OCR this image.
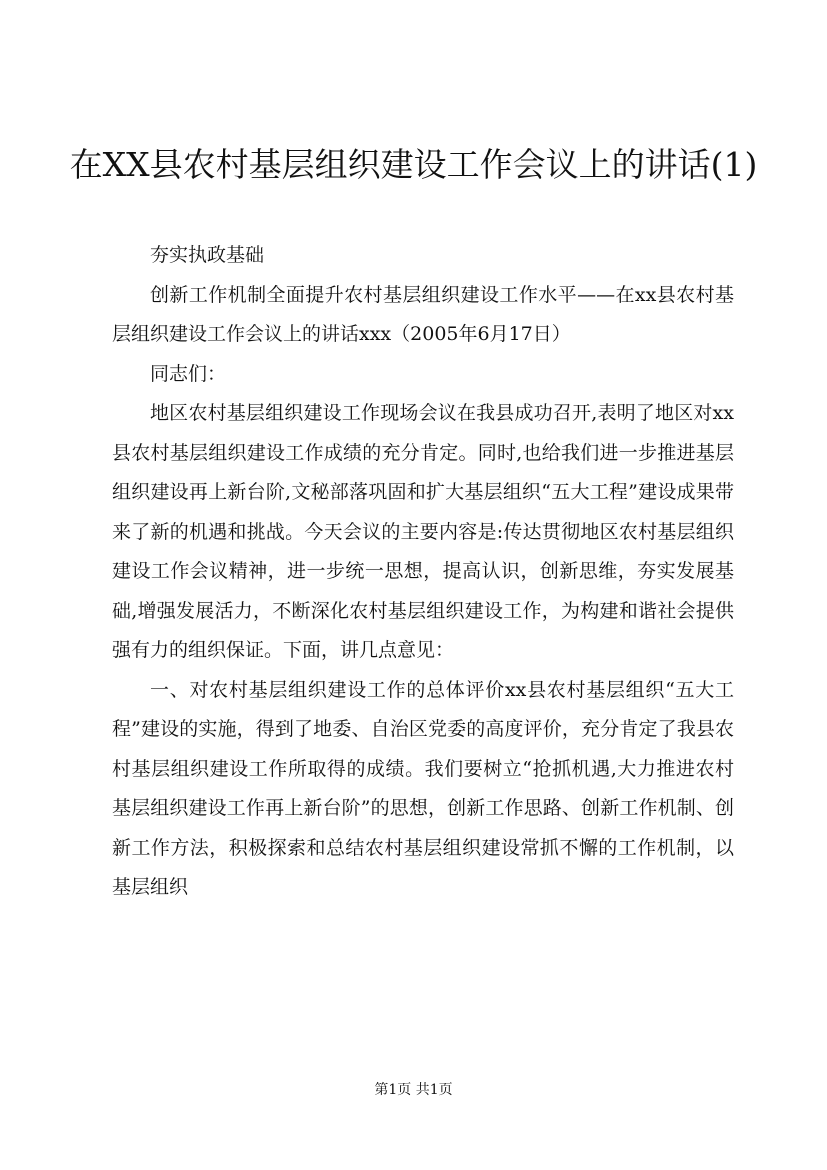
在XX县农村基层组织建设工作会议上的讲话(1)

夯实执政基础

创新工作机制全面提升农村基层组织建设工作水平——在xx县农村基层组织建设工作会议上的讲话xxx（2005年6月17日）

同志们：

地区农村基层组织建设工作现场会议在我县成功召开,表明了地区对xx县农村基层组织建设工作成绩的充分肯定。同时,也给我们进一步推进基层组织建设再上新台阶,文秘部落巩固和扩大基层组织“五大工程”建设成果带来了新的机遇和挑战。今天会议的主要内容是:传达贯彻地区农村基层组织建设工作会议精神，进一步统一思想，提高认识，创新思维，夯实发展基础,增强发展活力，不断深化农村基层组织建设工作，为构建和谐社会提供强有力的组织保证。下面，讲几点意见：

一、对农村基层组织建设工作的总体评价xx县农村基层组织“五大工程”建设的实施，得到了地委、自治区党委的高度评价，充分肯定了我县农村基层组织建设工作所取得的成绩。我们要树立“抢抓机遇,大力推进农村基层组织建设工作再上新台阶”的思想，创新工作思路、创新工作机制、创新工作方法，积极探索和总结农村基层组织建设常抓不懈的工作机制，以基层组织

第1页 共1页
